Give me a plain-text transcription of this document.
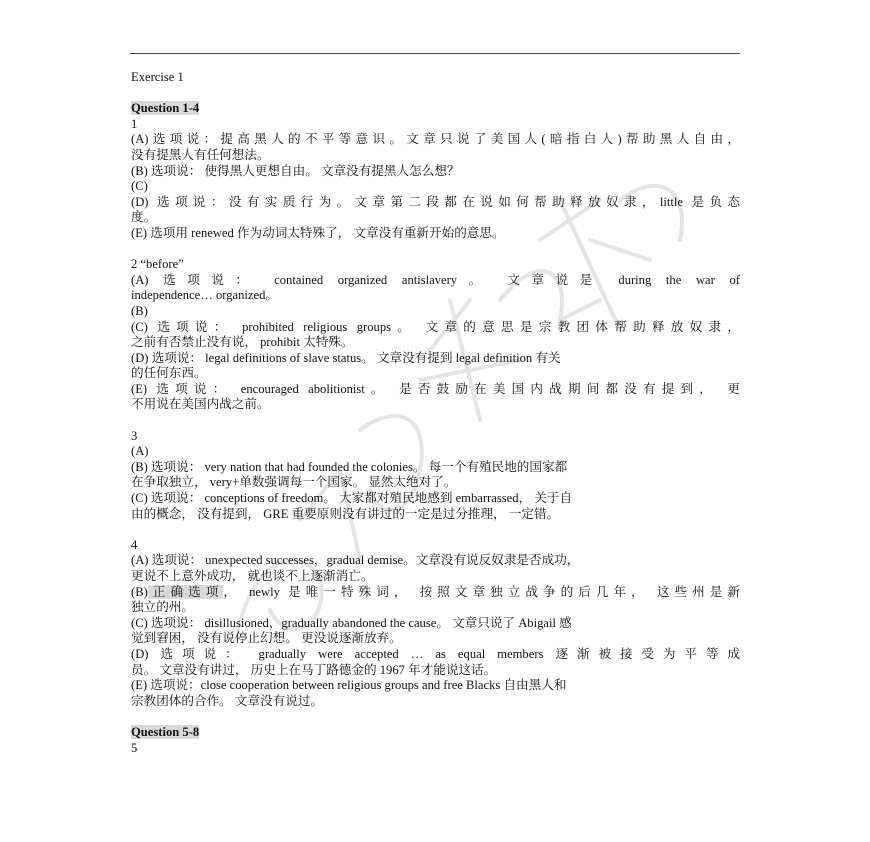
Exercise 1
Question 1-4
1
(A)选项说：提高黑人的不平等意识。文章只说了美国人(暗指白人)帮助黑人自由，
没有提黑人有任何想法。
(B) 选项说： 使得黑人更想自由。 文章没有提黑人怎么想？
(C)
(D) 选项说：没有实质行为。文章第二段都在说如何帮助释放奴隶，little 是负态
度。
(E) 选项用 renewed 作为动词太特殊了， 文章没有重新开始的意思。
2 “before”
(A) 选项说： contained organized antislavery。 文章说是 during the war of
independence… organized。
(B)
(C) 选项说： prohibited religious groups。 文章的意思是宗教团体帮助释放奴隶，
之前有否禁止没有说， prohibit 太特殊。
(D) 选项说： legal definitions of slave status。 文章没有提到 legal definition 有关
的任何东西。
(E) 选项说： encouraged abolitionist。 是否鼓励在美国内战期间都没有提到， 更
不用说在美国内战之前。
3
(A)
(B) 选项说： very nation that had founded the colonies。 每一个有殖民地的国家都
在争取独立， very+单数强调每一个国家。 显然太绝对了。
(C) 选项说： conceptions of freedom。 大家都对殖民地感到 embarrassed， 关于自
由的概念， 没有提到， GRE 重要原则没有讲过的一定是过分推理， 一定错。
4
(A) 选项说： unexpected successes，gradual demise。文章没有说反奴隶是否成功，
更说不上意外成功， 就也谈不上逐渐消亡。
(B)正确选项， newly 是唯一特殊词， 按照文章独立战争的后几年， 这些州是新
独立的州。
(C) 选项说： disillusioned，gradually abandoned the cause。 文章只说了 Abigail 感
觉到窘困， 没有说停止幻想。 更没说逐渐放弃。
(D) 选项说： gradually were accepted … as equal members 逐渐被接受为平等成
员。 文章没有讲过， 历史上在马丁路德金的 1967 年才能说这话。
(E) 选项说：close cooperation between religious groups and free Blacks 自由黑人和
宗教团体的合作。 文章没有说过。
Question 5-8
5
